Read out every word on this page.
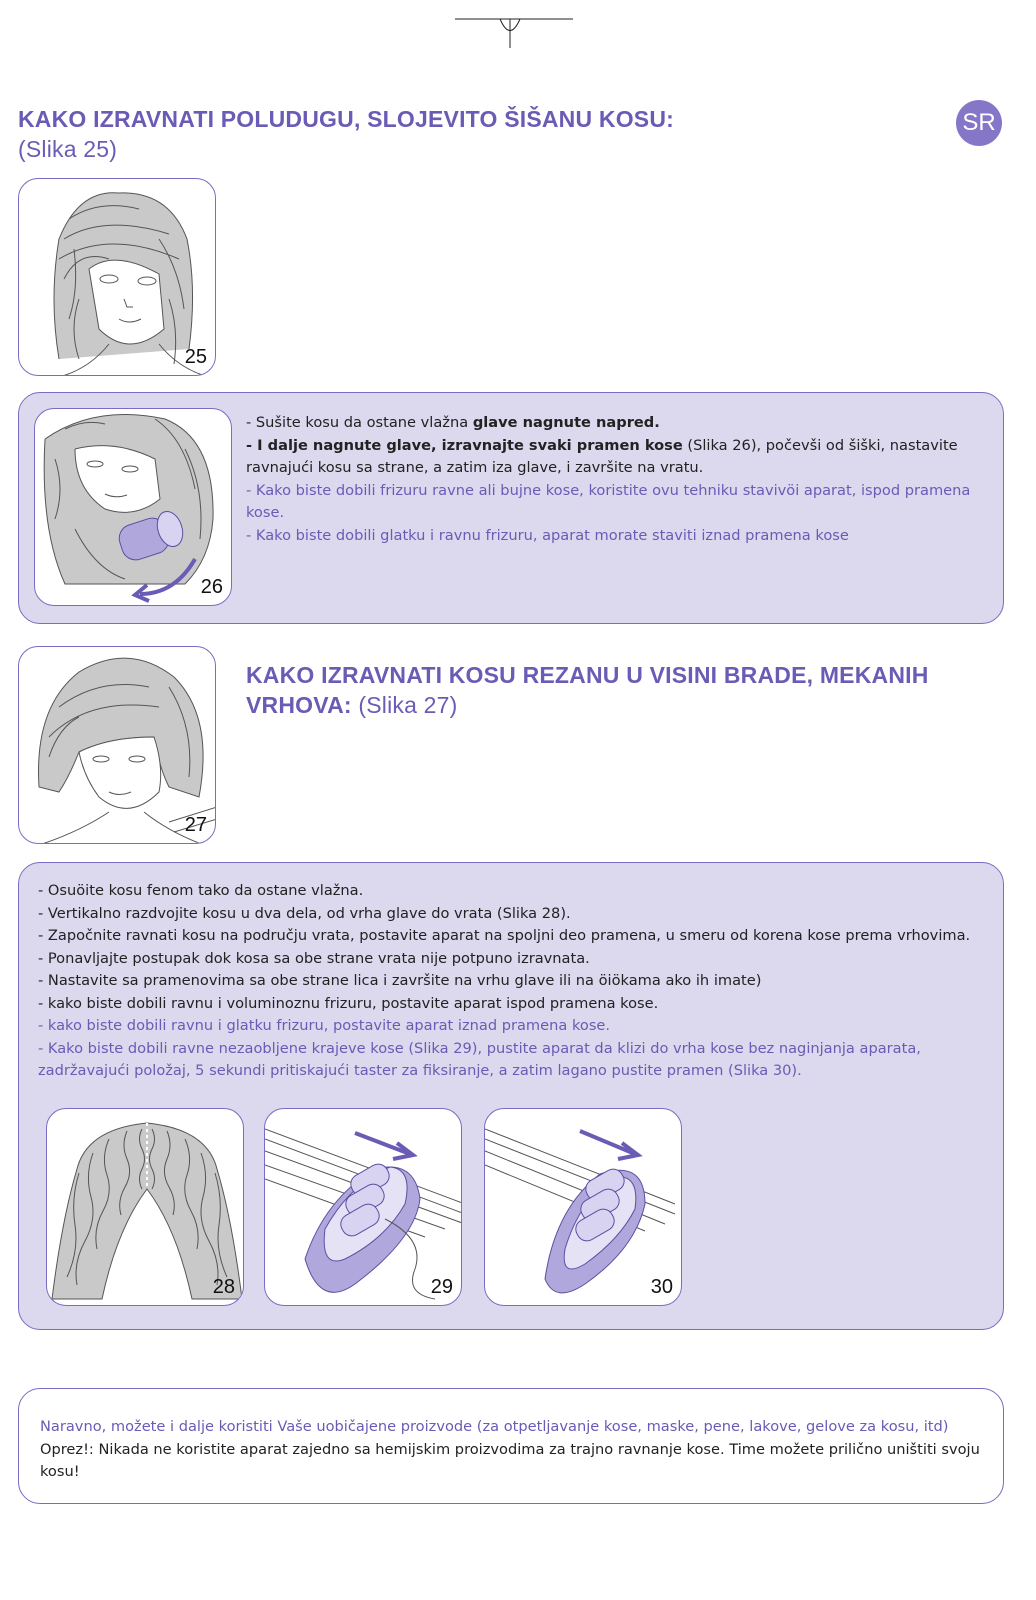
KAKO IZRAVNATI POLUDUGU, SLOJEVITO ŠIŠANU KOSU:
(Slika 25)
SR
25
26
- Sušite kosu da ostane vlažna glave nagnute napred.
- I dalje nagnute glave, izravnajte svaki pramen kose (Slika 26), počevši od šiški, nastavite ravnajući kosu sa strane, a zatim iza glave, i završite na vratu.
- Kako biste dobili frizuru ravne ali bujne kose, koristite ovu tehniku stavivöi aparat, ispod pramena kose.
- Kako biste dobili glatku i ravnu frizuru, aparat morate staviti iznad pramena kose
27
KAKO IZRAVNATI KOSU REZANU U VISINI BRADE, MEKANIH VRHOVA: (Slika 27)
- Osuöite kosu fenom tako da ostane vlažna.
- Vertikalno razdvojite kosu u dva dela, od vrha glave do vrata (Slika 28).
- Započnite ravnati kosu na području vrata, postavite aparat na spoljni deo pramena, u smeru od korena kose prema vrhovima.
- Ponavljajte postupak dok kosa sa obe strane vrata nije potpuno izravnata.
- Nastavite sa pramenovima sa obe strane lica i završite na vrhu glave ili na öiökama ako ih imate)
- kako biste dobili ravnu i voluminoznu frizuru, postavite aparat ispod pramena kose.
- kako biste dobili ravnu i glatku frizuru, postavite aparat iznad pramena kose.
- Kako biste dobili ravne nezaobljene krajeve kose (Slika 29), pustite aparat da klizi do vrha kose bez naginjanja aparata, zadržavajući položaj, 5 sekundi pritiskajući taster za fiksiranje, a zatim lagano pustite pramen (Slika 30).
28	29	30
Naravno, možete i dalje koristiti Vaše uobičajene proizvode (za otpetljavanje kose, maske, pene, lakove, gelove za kosu, itd)
Oprez!: Nikada ne koristite aparat zajedno sa hemijskim proizvodima za trajno ravnanje kose. Time možete prilično uništiti svoju kosu!
